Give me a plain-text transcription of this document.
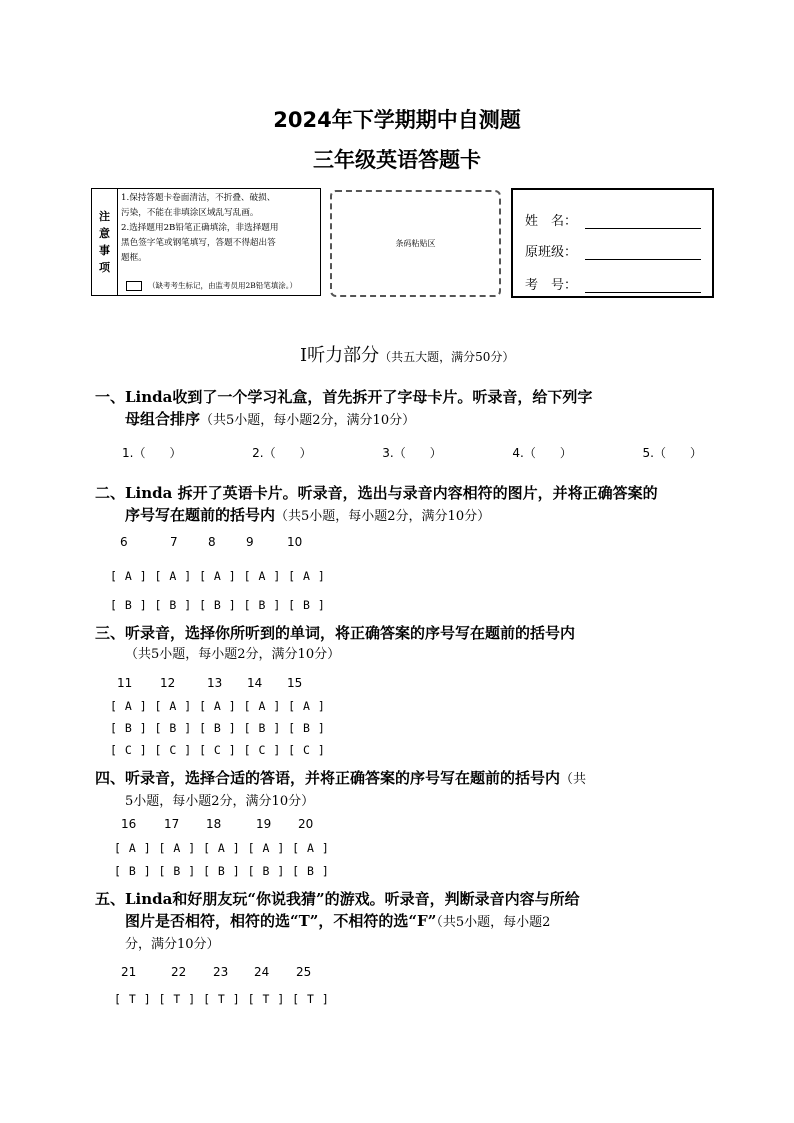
2024年下学期期中自测题
三年级英语答题卡
注
意
事
项
1.保持答题卡卷面清洁，不折叠、破损、
污染，不能在非填涂区域乱写乱画。
2.选择题用2B铅笔正确填涂，非选择题用
黑色签字笔或钢笔填写，答题不得超出答
题框。
（缺考考生标记，由监考员用2B铅笔填涂。）
条码粘贴区
姓　名：
原班级：
考　号：
Ⅰ听力部分（共五大题，满分50分）
一、Linda收到了一个学习礼盒，首先拆开了字母卡片。听录音，给下列字
母组合排序（共5小题，每小题2分，满分10分）
1.（　　）	2.（　　）	3.（　　）	4.（　　）	5.（　　）
二、Linda 拆开了英语卡片。听录音，选出与录音内容相符的图片，并将正确答案的
序号写在题前的括号内（共5小题，每小题2分，满分10分）
6	7	8	9	10
[ A ] [ A ] [ A ] [ A ] [ A ]
[ B ] [ B ] [ B ] [ B ] [ B ]
三、听录音，选择你所听到的单词，将正确答案的序号写在题前的括号内
（共5小题，每小题2分，满分10分）
11 12	13 14 15
[ A ] [ A ] [ A ] [ A ] [ A ]
[ B ] [ B ] [ B ] [ B ] [ B ]
[ C ] [ C ] [ C ] [ C ] [ C ]
四、听录音，选择合适的答语，并将正确答案的序号写在题前的括号内（共
5小题，每小题2分，满分10分）
16 17 18	19 20
[ A ] [ A ] [ A ] [ A ] [ A ]
[ B ] [ B ] [ B ] [ B ] [ B ]
五、Linda和好朋友玩“你说我猜”的游戏。听录音，判断录音内容与所给
图片是否相符，相符的选“T”，不相符的选“F”（共5小题，每小题2
分，满分10分）
21	22 23 24 25
[ T ] [ T ] [ T ] [ T ] [ T ]
